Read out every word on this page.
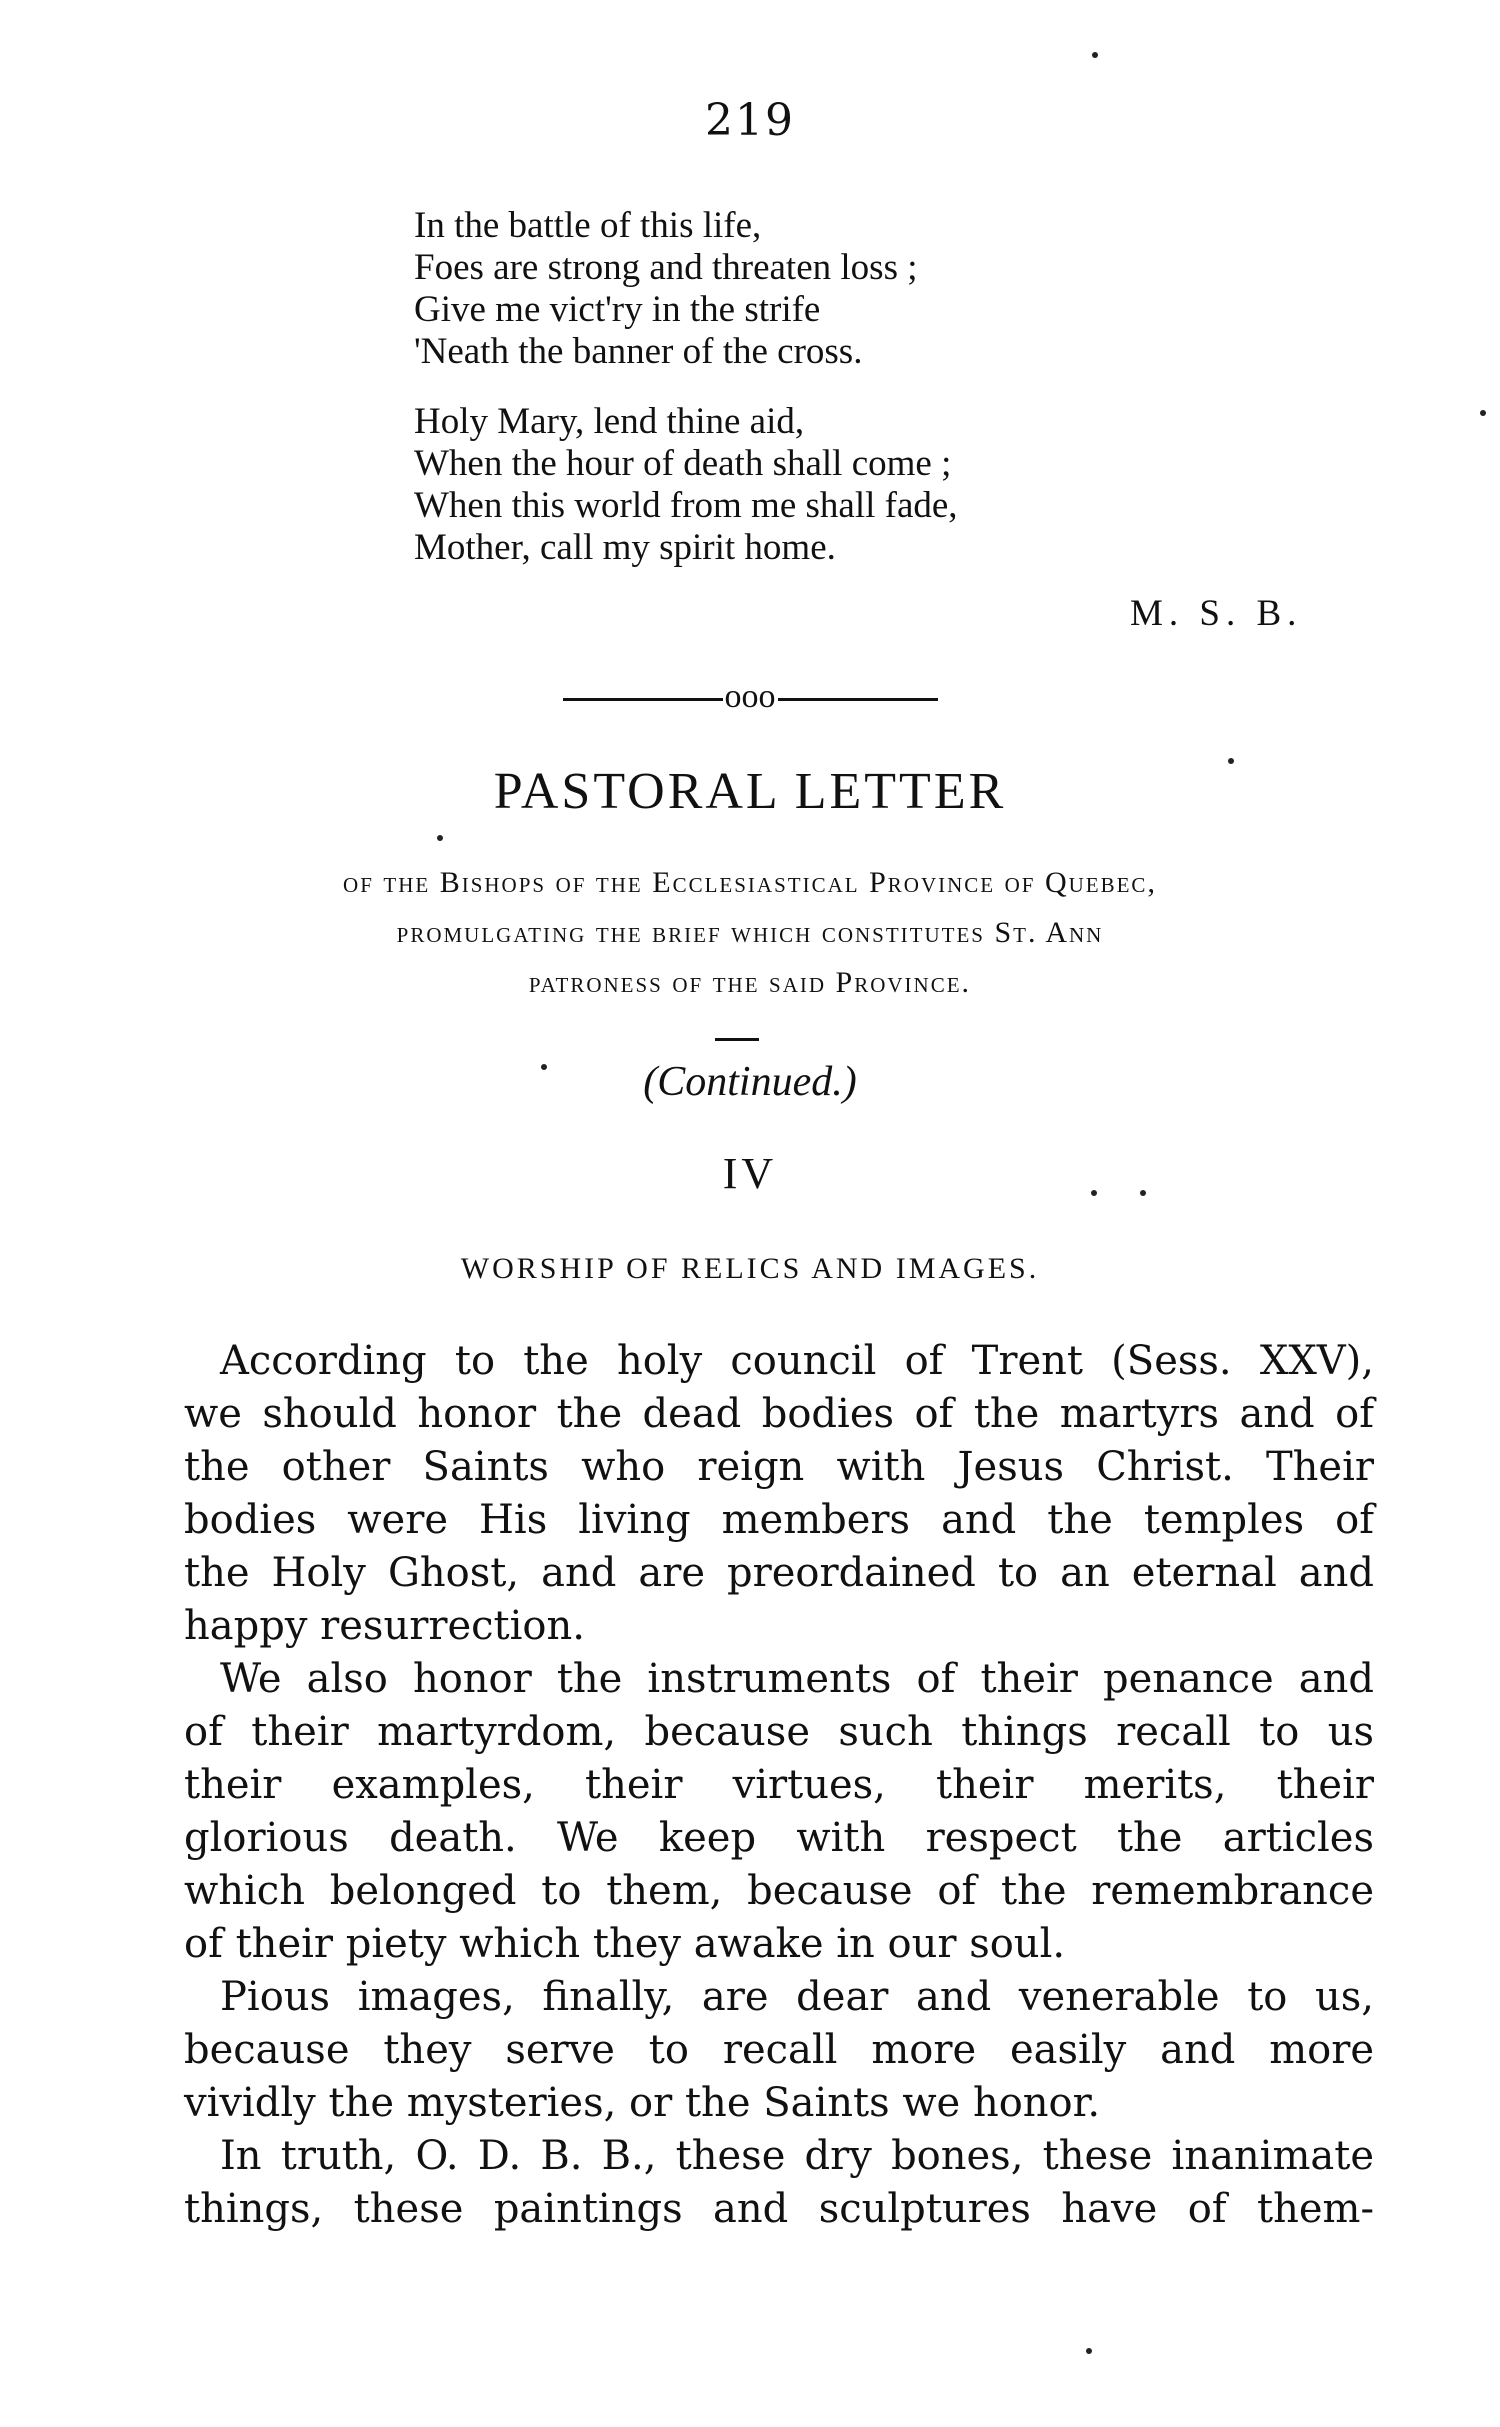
219
In the battle of this life,
Foes are strong and threaten loss ;
Give me vict'ry in the strife
'Neath the banner of the cross.
Holy Mary, lend thine aid,
When the hour of death shall come ;
When this world from me shall fade,
Mother, call my spirit home.
M. S. B.
ooo
PASTORAL LETTER
of the Bishops of the Ecclesiastical Province of Quebec,
promulgating the brief which constitutes St. Ann
patroness of the said Province.
(Continued.)
IV
WORSHIP OF RELICS AND IMAGES.
According to the holy council of Trent (Sess. XXV),
we should honor the dead bodies of the martyrs and of
the other Saints who reign with Jesus Christ. Their
bodies were His living members and the temples of
the Holy Ghost, and are preordained to an eternal and
happy resurrection.
We also honor the instruments of their penance and
of their martyrdom, because such things recall to us
their examples, their virtues, their merits, their
glorious death. We keep with respect the articles
which belonged to them, because of the remembrance
of their piety which they awake in our soul.
Pious images, finally, are dear and venerable to us,
because they serve to recall more easily and more
vividly the mysteries, or the Saints we honor.
In truth, O. D. B. B., these dry bones, these inanimate
things, these paintings and sculptures have of them-
